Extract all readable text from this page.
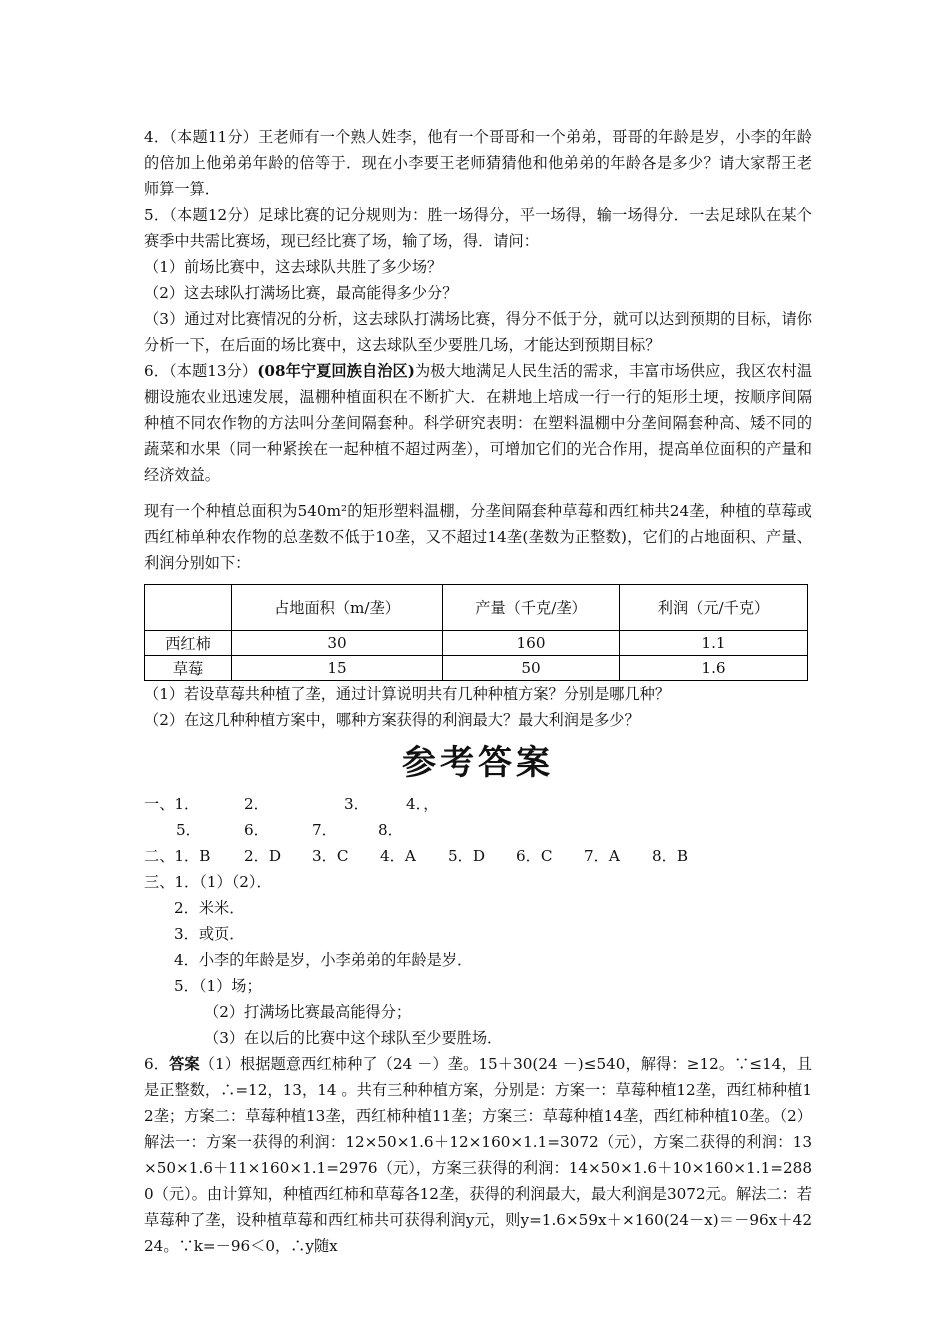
4．（本题11分）王老师有一个熟人姓李，他有一个哥哥和一个弟弟，哥哥的年龄是岁，小李的年龄的倍加上他弟弟年龄的倍等于．现在小李要王老师猜猜他和他弟弟的年龄各是多少？请大家帮王老师算一算．

5．（本题12分）足球比赛的记分规则为：胜一场得分，平一场得，输一场得分．一去足球队在某个赛季中共需比赛场，现已经比赛了场，输了场，得．请问：

（1）前场比赛中，这去球队共胜了多少场？

（2）这去球队打满场比赛，最高能得多少分？

（3）通过对比赛情况的分析，这去球队打满场比赛，得分不低于分，就可以达到预期的目标，请你分析一下，在后面的场比赛中，这去球队至少要胜几场，才能达到预期目标？

6．（本题13分）(08年宁夏回族自治区)为极大地满足人民生活的需求，丰富市场供应，我区农村温棚设施农业迅速发展，温棚种植面积在不断扩大．在耕地上培成一行一行的矩形土埂，按顺序间隔种植不同农作物的方法叫分垄间隔套种。科学研究表明：在塑料温棚中分垄间隔套种高、矮不同的蔬菜和水果（同一种紧挨在一起种植不超过两垄），可增加它们的光合作用，提高单位面积的产量和经济效益。

现有一个种植总面积为540m²的矩形塑料温棚，分垄间隔套种草莓和西红柿共24垄，种植的草莓或西红柿单种农作物的总垄数不低于10垄，又不超过14垄(垄数为正整数)，它们的占地面积、产量、利润分别如下：

	占地面积（m/垄）	产量（千克/垄）	利润（元/千克）
西红柿	30	160	1.1
草莓	15	50	1.6

（1）若设草莓共种植了垄，通过计算说明共有几种种植方案？分别是哪几种？

（2）在这几种种植方案中，哪种方案获得的利润最大？最大利润是多少？

参考答案

一、1．	2．	3． 4．，

5．	6．	7．	8．

二、1．B 2．D 3．C 4．A 5．D 6．C 7．A 8．B

三、1．（1）（2）．

2．米米．

3．或页．

4．小李的年龄是岁，小李弟弟的年龄是岁．

5．（1）场；

（2）打满场比赛最高能得分；

（3）在以后的比赛中这个球队至少要胜场．

6．答案（1）根据题意西红柿种了（24 －）垄。15＋30(24 －)≤540，解得：≥12。∵≤14，且是正整数，∴=12，13，14 。共有三种种植方案，分别是：方案一：草莓种植12垄，西红柿种植12垄；方案二：草莓种植13垄，西红柿种植11垄；方案三：草莓种植14垄，西红柿种植10垄。（2）解法一：方案一获得的利润：12×50×1.6＋12×160×1.1=3072（元），方案二获得的利润：13×50×1.6＋11×160×1.1=2976（元），方案三获得的利润：14×50×1.6＋10×160×1.1=2880（元）。由计算知，种植西红柿和草莓各12垄，获得的利润最大，最大利润是3072元。解法二：若草莓种了垄，设种植草莓和西红柿共可获得利润y元，则y=1.6×59x＋×160(24－x)＝－96x＋4224。∵k=－96＜0，∴y随x
